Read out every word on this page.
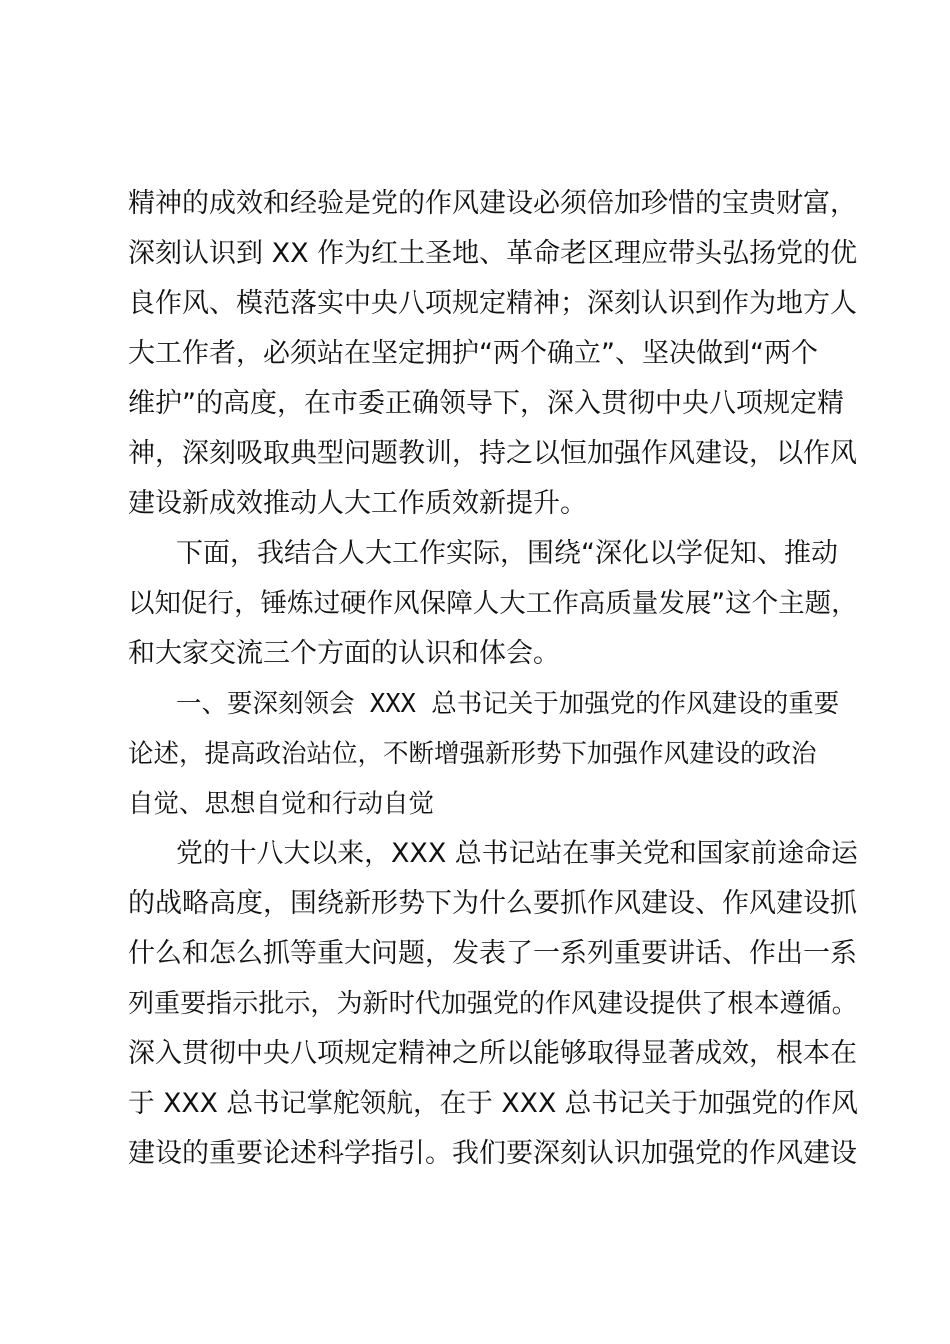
精神的成效和经验是党的作风建设必须倍加珍惜的宝贵财富，
深刻认识到 XX 作为红土圣地、革命老区理应带头弘扬党的优
良作风、模范落实中央八项规定精神；深刻认识到作为地方人
大工作者，必须站在坚定拥护“两个确立”、坚决做到“两个
维护”的高度，在市委正确领导下，深入贯彻中央八项规定精
神，深刻吸取典型问题教训，持之以恒加强作风建设，以作风
建设新成效推动人大工作质效新提升。
下面，我结合人大工作实际，围绕“深化以学促知、推动
以知促行，锤炼过硬作风保障人大工作高质量发展”这个主题，
和大家交流三个方面的认识和体会。
一、要深刻领会 XXX 总书记关于加强党的作风建设的重要
论述，提高政治站位，不断增强新形势下加强作风建设的政治
自觉、思想自觉和行动自觉
党的十八大以来，XXX 总书记站在事关党和国家前途命运
的战略高度，围绕新形势下为什么要抓作风建设、作风建设抓
什么和怎么抓等重大问题，发表了一系列重要讲话、作出一系
列重要指示批示，为新时代加强党的作风建设提供了根本遵循。
深入贯彻中央八项规定精神之所以能够取得显著成效，根本在
于 XXX 总书记掌舵领航，在于 XXX 总书记关于加强党的作风
建设的重要论述科学指引。我们要深刻认识加强党的作风建设
